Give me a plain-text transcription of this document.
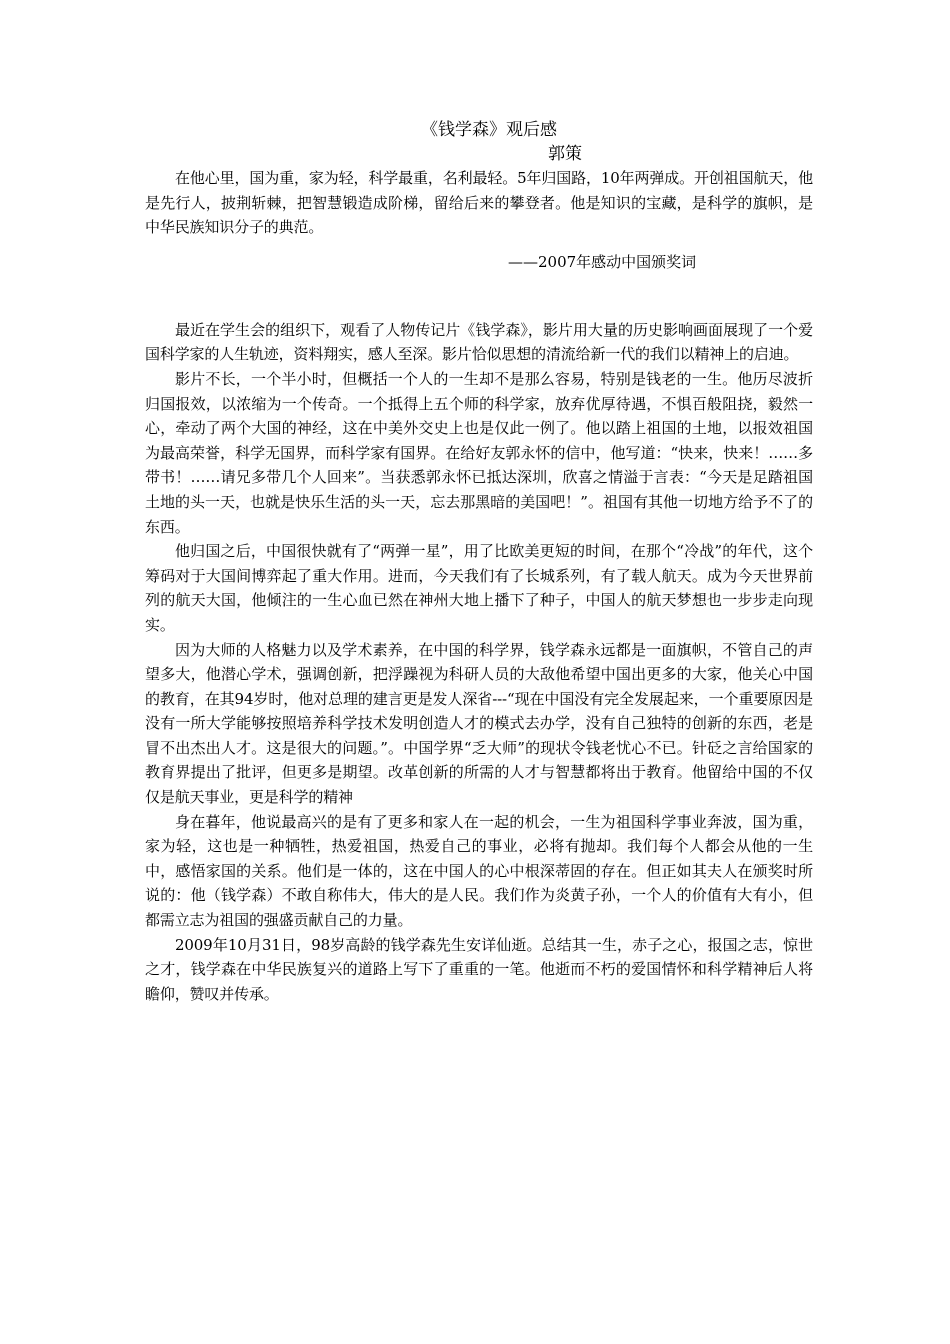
《钱学森》观后感
郭策

在他心里，国为重，家为轻，科学最重，名利最轻。5年归国路，10年两弹成。开创祖国航天，他是先行人，披荆斩棘，把智慧锻造成阶梯，留给后来的攀登者。他是知识的宝藏，是科学的旗帜，是中华民族知识分子的典范。

——2007年感动中国颁奖词

最近在学生会的组织下，观看了人物传记片《钱学森》，影片用大量的历史影响画面展现了一个爱国科学家的人生轨迹，资料翔实，感人至深。影片恰似思想的清流给新一代的我们以精神上的启迪。

影片不长，一个半小时，但概括一个人的一生却不是那么容易，特别是钱老的一生。他历尽波折归国报效，以浓缩为一个传奇。一个抵得上五个师的科学家，放弃优厚待遇，不惧百般阻挠，毅然一心，牵动了两个大国的神经，这在中美外交史上也是仅此一例了。他以踏上祖国的土地，以报效祖国为最高荣誉，科学无国界，而科学家有国界。在给好友郭永怀的信中，他写道：“快来，快来！……多带书！……请兄多带几个人回来”。当获悉郭永怀已抵达深圳，欣喜之情溢于言表：“今天是足踏祖国土地的头一天，也就是快乐生活的头一天，忘去那黑暗的美国吧！”。祖国有其他一切地方给予不了的东西。

他归国之后，中国很快就有了“两弹一星”，用了比欧美更短的时间，在那个“冷战”的年代，这个筹码对于大国间博弈起了重大作用。进而，今天我们有了长城系列，有了载人航天。成为今天世界前列的航天大国，他倾注的一生心血已然在神州大地上播下了种子，中国人的航天梦想也一步步走向现实。

因为大师的人格魅力以及学术素养，在中国的科学界，钱学森永远都是一面旗帜，不管自己的声望多大，他潜心学术，强调创新，把浮躁视为科研人员的大敌他希望中国出更多的大家，他关心中国的教育，在其94岁时，他对总理的建言更是发人深省---“现在中国没有完全发展起来，一个重要原因是没有一所大学能够按照培养科学技术发明创造人才的模式去办学，没有自己独特的创新的东西，老是冒不出杰出人才。这是很大的问题。”。中国学界“乏大师”的现状令钱老忧心不已。针砭之言给国家的教育界提出了批评，但更多是期望。改革创新的所需的人才与智慧都将出于教育。他留给中国的不仅仅是航天事业，更是科学的精神

身在暮年，他说最高兴的是有了更多和家人在一起的机会，一生为祖国科学事业奔波，国为重，家为轻，这也是一种牺牲，热爱祖国，热爱自己的事业，必将有抛却。我们每个人都会从他的一生中，感悟家国的关系。他们是一体的，这在中国人的心中根深蒂固的存在。但正如其夫人在颁奖时所说的：他（钱学森）不敢自称伟大，伟大的是人民。我们作为炎黄子孙，一个人的价值有大有小，但都需立志为祖国的强盛贡献自己的力量。

2009年10月31日，98岁高龄的钱学森先生安详仙逝。总结其一生，赤子之心，报国之志，惊世之才，钱学森在中华民族复兴的道路上写下了重重的一笔。他逝而不朽的爱国情怀和科学精神后人将瞻仰，赞叹并传承。
